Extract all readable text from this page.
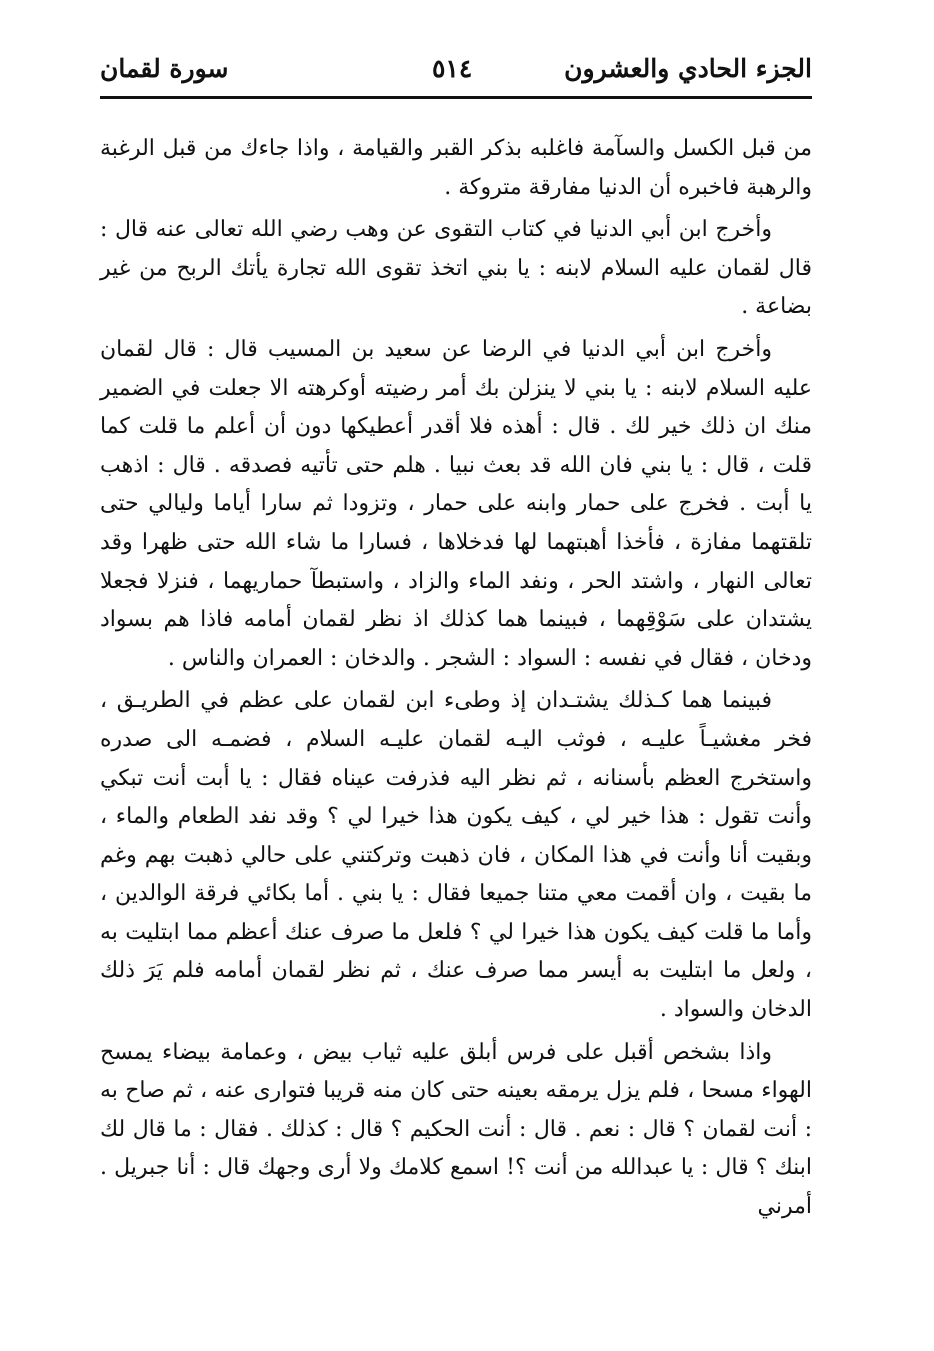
الجزء الحادي والعشرون
٥١٤
سورة لقمان

من قبل الكسل والسآمة فاغلبه بذكر القبر والقيامة ، واذا جاءك من قبل الرغبة والرهبة فاخبره أن الدنيا مفارقة متروكة .

وأخرج ابن أبي الدنيا في كتاب التقوى عن وهب رضي الله تعالى عنه قال : قال لقمان عليه السلام لابنه : يا بني اتخذ تقوى الله تجارة يأتك الربح من غير بضاعة .

وأخرج ابن أبي الدنيا في الرضا عن سعيد بن المسيب قال : قال لقمان عليه السلام لابنه : يا بني لا ينزلن بك أمر رضيته أوكرهته الا جعلت في الضمير منك ان ذلك خير لك . قال : أهذه فلا أقدر أعطيكها دون أن أعلم ما قلت كما قلت ، قال : يا بني فان الله قد بعث نبيا . هلم حتى تأتيه فصدقه . قال : اذهب يا أبت . فخرج على حمار وابنه على حمار ، وتزودا ثم سارا أياما وليالي حتى تلقتهما مفازة ، فأخذا أهبتهما لها فدخلاها ، فسارا ما شاء الله حتى ظهرا وقد تعالى النهار ، واشتد الحر ، ونفد الماء والزاد ، واستبطآ حماريهما ، فنزلا فجعلا يشتدان على سَوْقِهما ، فبينما هما كذلك اذ نظر لقمان أمامه فاذا هم بسواد ودخان ، فقال في نفسه : السواد : الشجر . والدخان : العمران والناس .

فبينما هما كـذلك يشتـدان إذ وطىء ابن لقمان على عظم في الطريـق ، فخر مغشيـاً عليـه ، فوثب اليـه لقمان عليـه السلام ، فضمـه الى صدره واستخرج العظم بأسنانه ، ثم نظر اليه فذرفت عيناه فقال : يا أبت أنت تبكي وأنت تقول : هذا خير لي ، كيف يكون هذا خيرا لي ؟ وقد نفد الطعام والماء ، وبقيت أنا وأنت في هذا المكان ، فان ذهبت وتركتني على حالي ذهبت بهم وغم ما بقيت ، وان أقمت معي متنا جميعا فقال : يا بني . أما بكائي فرقة الوالدين ، وأما ما قلت كيف يكون هذا خيرا لي ؟ فلعل ما صرف عنك أعظم مما ابتليت به ، ولعل ما ابتليت به أيسر مما صرف عنك ، ثم نظر لقمان أمامه فلم يَرَ ذلك الدخان والسواد .

واذا بشخص أقبل على فرس أبلق عليه ثياب بيض ، وعمامة بيضاء يمسح الهواء مسحا ، فلم يزل يرمقه بعينه حتى كان منه قريبا فتوارى عنه ، ثم صاح به : أنت لقمان ؟ قال : نعم . قال : أنت الحكيم ؟ قال : كذلك . فقال : ما قال لك ابنك ؟ قال : يا عبدالله من أنت ؟! اسمع كلامك ولا أرى وجهك قال : أنا جبريل . أمرني
